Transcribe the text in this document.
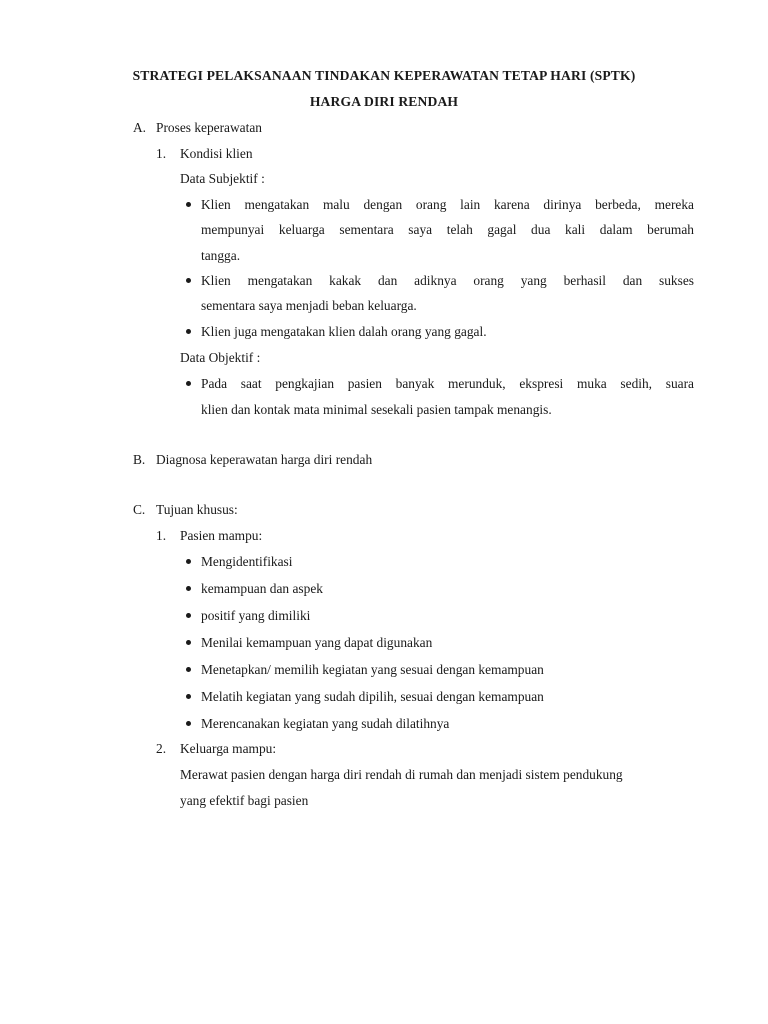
STRATEGI PELAKSANAAN TINDAKAN KEPERAWATAN TETAP HARI (SPTK)
HARGA DIRI RENDAH
A. Proses keperawatan
1. Kondisi klien
Data Subjektif :
Klien mengatakan malu dengan orang lain karena dirinya berbeda, mereka
mempunyai keluarga sementara saya telah gagal dua kali dalam berumah
tangga.
Klien mengatakan kakak dan adiknya orang yang berhasil dan sukses
sementara saya menjadi beban keluarga.
Klien juga mengatakan klien dalah orang yang gagal.
Data Objektif :
Pada saat pengkajian pasien banyak merunduk, ekspresi muka sedih, suara
klien dan kontak mata minimal sesekali pasien tampak menangis.
B. Diagnosa keperawatan harga diri rendah
C. Tujuan khusus:
1. Pasien mampu:
Mengidentifikasi
kemampuan dan aspek
positif yang dimiliki
Menilai kemampuan yang dapat digunakan
Menetapkan/ memilih kegiatan yang sesuai dengan kemampuan
Melatih kegiatan yang sudah dipilih, sesuai dengan kemampuan
Merencanakan kegiatan yang sudah dilatihnya
2. Keluarga mampu:
Merawat pasien dengan harga diri rendah di rumah dan menjadi sistem pendukung
yang efektif bagi pasien
